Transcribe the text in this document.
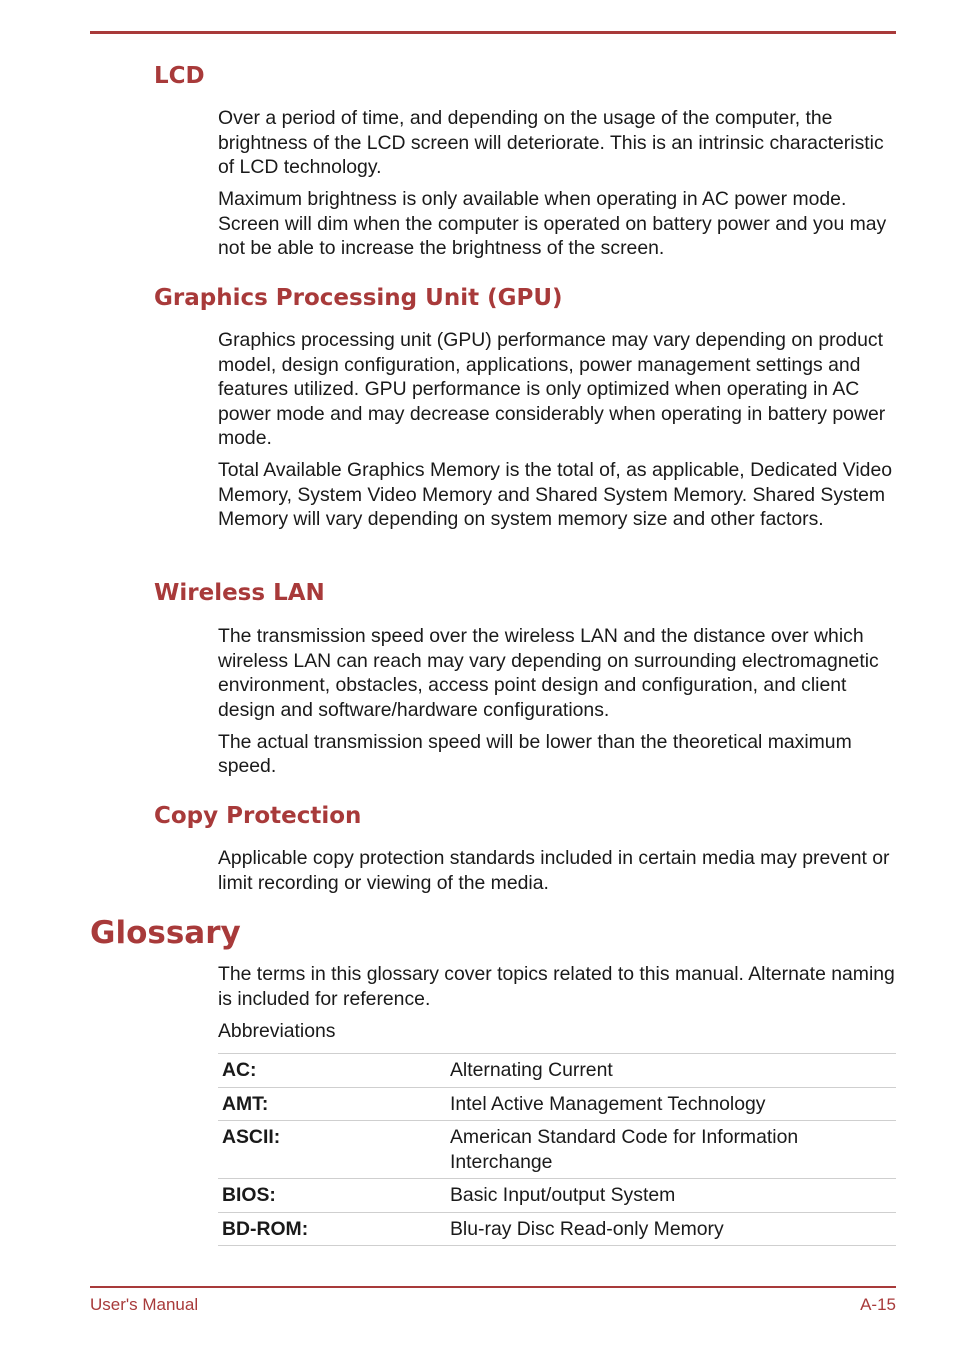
LCD

Over a period of time, and depending on the usage of the computer, the brightness of the LCD screen will deteriorate. This is an intrinsic characteristic of LCD technology.

Maximum brightness is only available when operating in AC power mode. Screen will dim when the computer is operated on battery power and you may not be able to increase the brightness of the screen.

Graphics Processing Unit (GPU)

Graphics processing unit (GPU) performance may vary depending on product model, design configuration, applications, power management settings and features utilized. GPU performance is only optimized when operating in AC power mode and may decrease considerably when operating in battery power mode.

Total Available Graphics Memory is the total of, as applicable, Dedicated Video Memory, System Video Memory and Shared System Memory. Shared System Memory will vary depending on system memory size and other factors.

Wireless LAN

The transmission speed over the wireless LAN and the distance over which wireless LAN can reach may vary depending on surrounding electromagnetic environment, obstacles, access point design and configuration, and client design and software/hardware configurations.

The actual transmission speed will be lower than the theoretical maximum speed.

Copy Protection

Applicable copy protection standards included in certain media may prevent or limit recording or viewing of the media.

Glossary

The terms in this glossary cover topics related to this manual. Alternate naming is included for reference.

Abbreviations

AC:	Alternating Current
AMT:	Intel Active Management Technology
ASCII:	American Standard Code for Information Interchange
BIOS:	Basic Input/output System
BD-ROM:	Blu-ray Disc Read-only Memory
User's Manual	A-15
